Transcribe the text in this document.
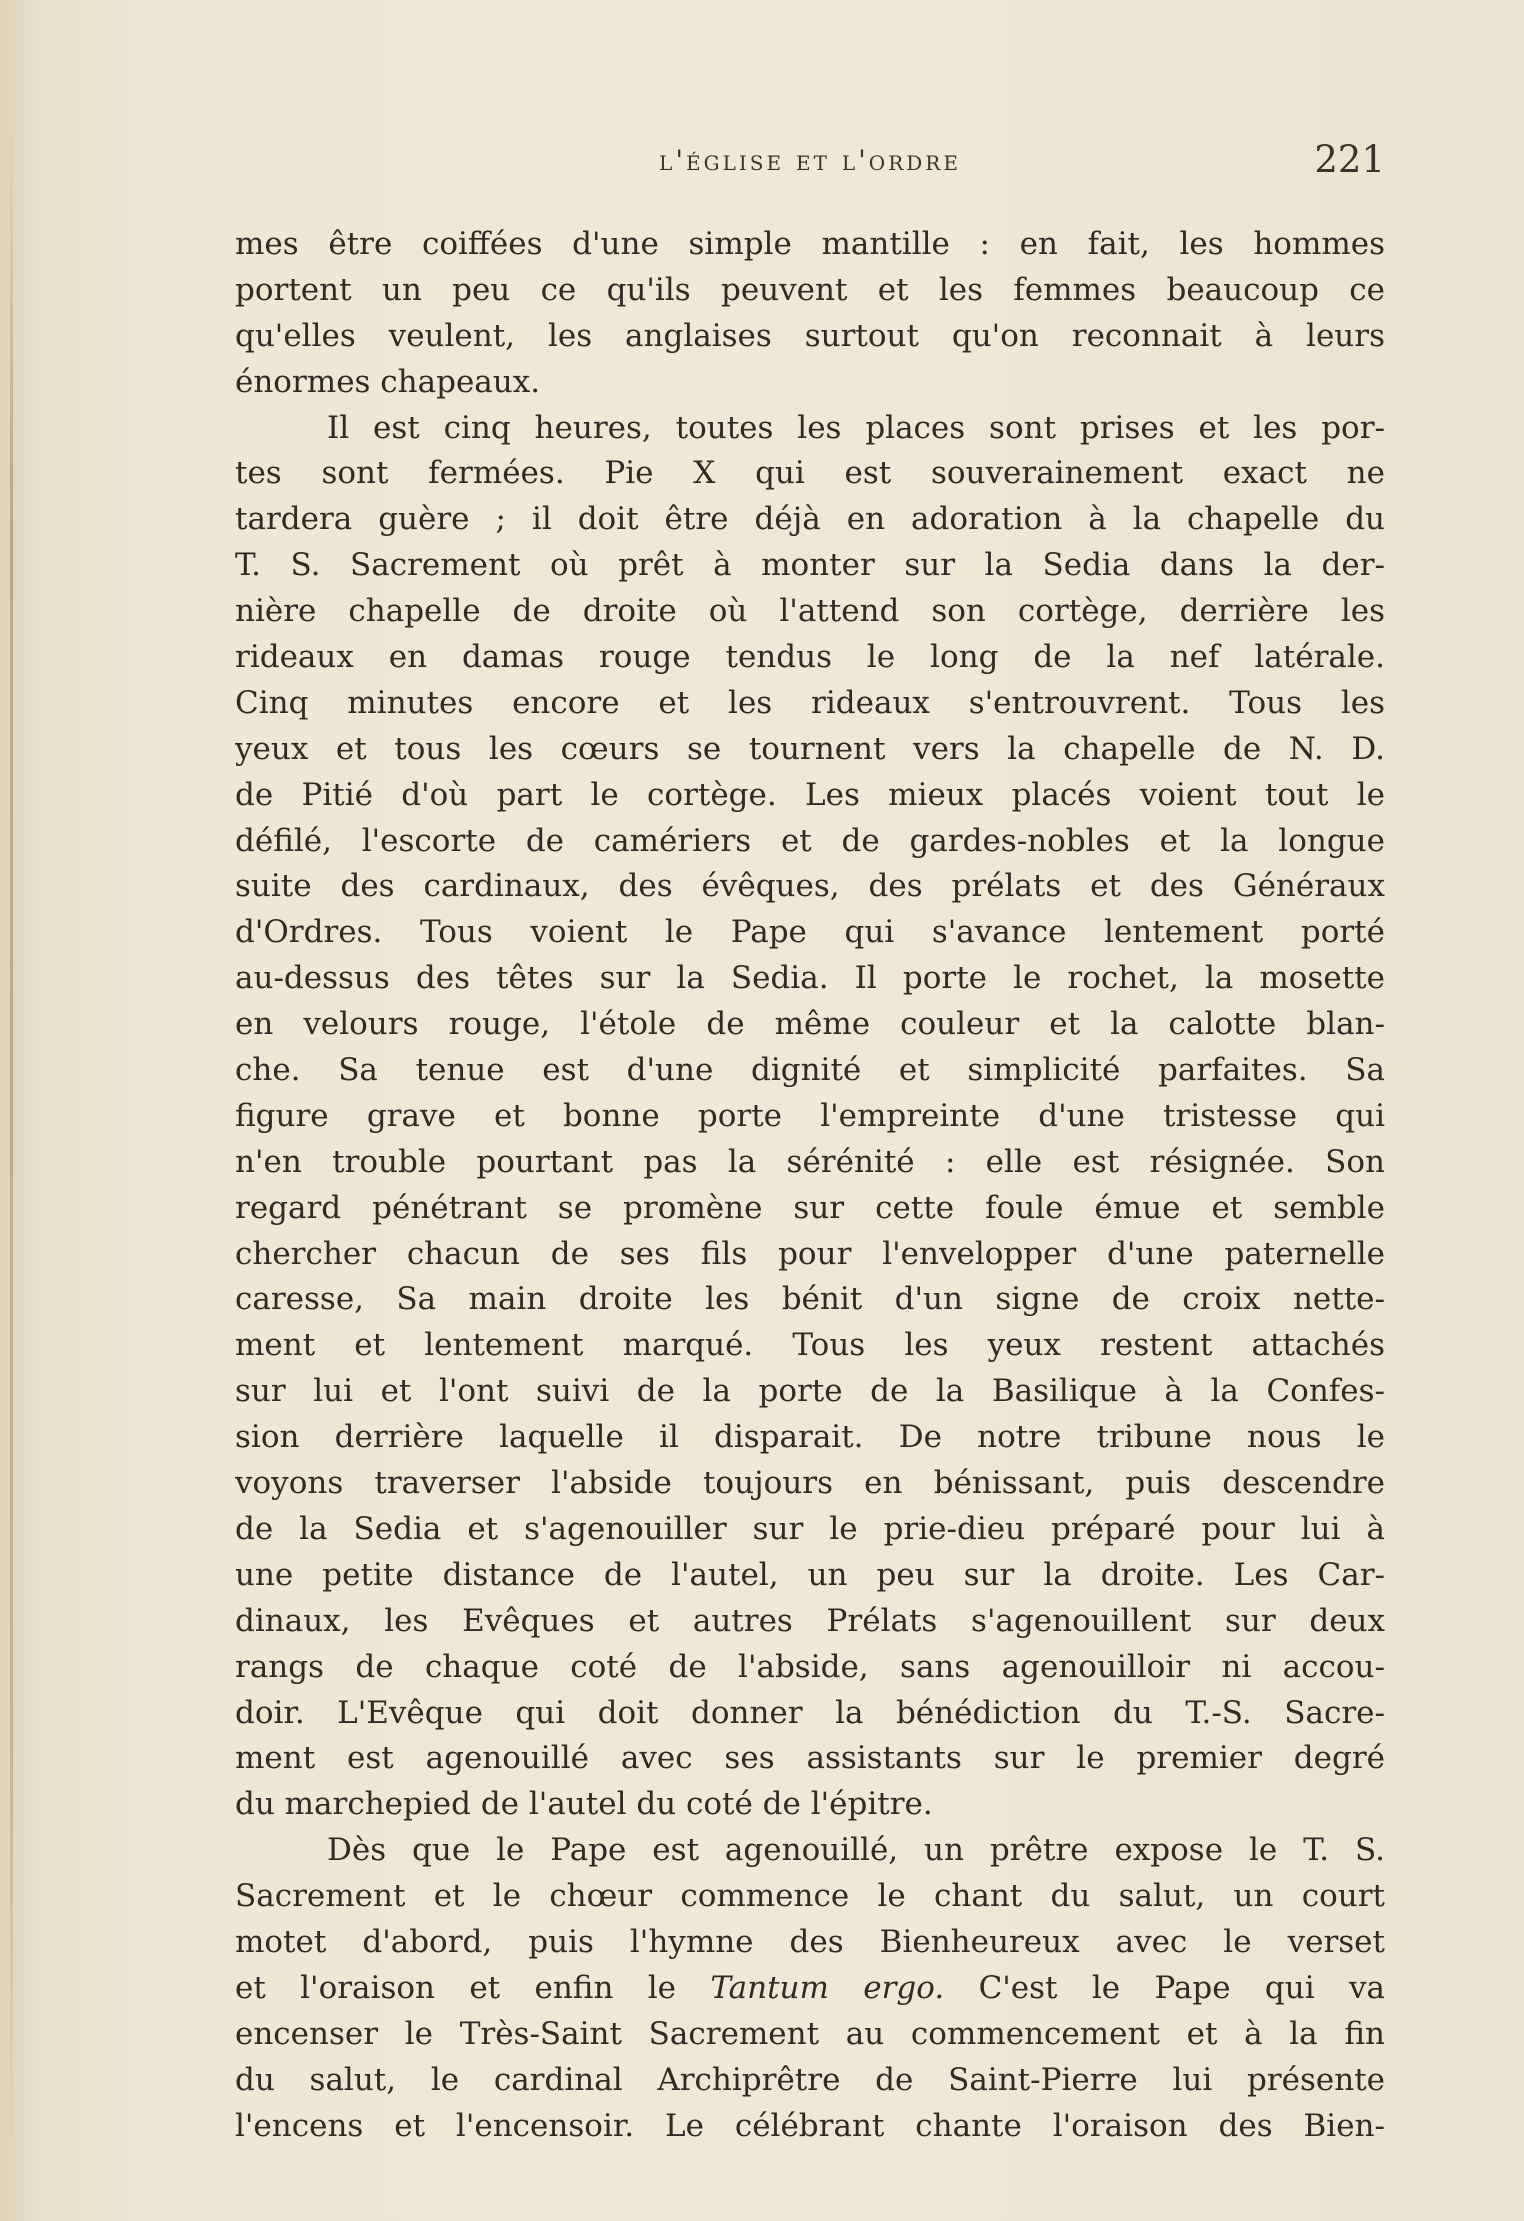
l'église et l'ordre	221
mes être coiffées d'une simple mantille : en fait, les hommes
portent un peu ce qu'ils peuvent et les femmes beaucoup ce
qu'elles veulent, les anglaises surtout qu'on reconnait à leurs
énormes chapeaux.
Il est cinq heures, toutes les places sont prises et les por-
tes sont fermées. Pie X qui est souverainement exact ne
tardera guère ; il doit être déjà en adoration à la chapelle du
T. S. Sacrement où prêt à monter sur la Sedia dans la der-
nière chapelle de droite où l'attend son cortège, derrière les
rideaux en damas rouge tendus le long de la nef latérale.
Cinq minutes encore et les rideaux s'entrouvrent. Tous les
yeux et tous les cœurs se tournent vers la chapelle de N. D.
de Pitié d'où part le cortège. Les mieux placés voient tout le
défilé, l'escorte de camériers et de gardes-nobles et la longue
suite des cardinaux, des évêques, des prélats et des Généraux
d'Ordres. Tous voient le Pape qui s'avance lentement porté
au-dessus des têtes sur la Sedia. Il porte le rochet, la mosette
en velours rouge, l'étole de même couleur et la calotte blan-
che. Sa tenue est d'une dignité et simplicité parfaites. Sa
figure grave et bonne porte l'empreinte d'une tristesse qui
n'en trouble pourtant pas la sérénité : elle est résignée. Son
regard pénétrant se promène sur cette foule émue et semble
chercher chacun de ses fils pour l'envelopper d'une paternelle
caresse, Sa main droite les bénit d'un signe de croix nette-
ment et lentement marqué. Tous les yeux restent attachés
sur lui et l'ont suivi de la porte de la Basilique à la Confes-
sion derrière laquelle il disparait. De notre tribune nous le
voyons traverser l'abside toujours en bénissant, puis descendre
de la Sedia et s'agenouiller sur le prie-dieu préparé pour lui à
une petite distance de l'autel, un peu sur la droite. Les Car-
dinaux, les Evêques et autres Prélats s'agenouillent sur deux
rangs de chaque coté de l'abside, sans agenouilloir ni accou-
doir. L'Evêque qui doit donner la bénédiction du T.-S. Sacre-
ment est agenouillé avec ses assistants sur le premier degré
du marchepied de l'autel du coté de l'épitre.
Dès que le Pape est agenouillé, un prêtre expose le T. S.
Sacrement et le chœur commence le chant du salut, un court
motet d'abord, puis l'hymne des Bienheureux avec le verset
et l'oraison et enfin le Tantum ergo. C'est le Pape qui va
encenser le Très-Saint Sacrement au commencement et à la fin
du salut, le cardinal Archiprêtre de Saint-Pierre lui présente
l'encens et l'encensoir. Le célébrant chante l'oraison des Bien-
